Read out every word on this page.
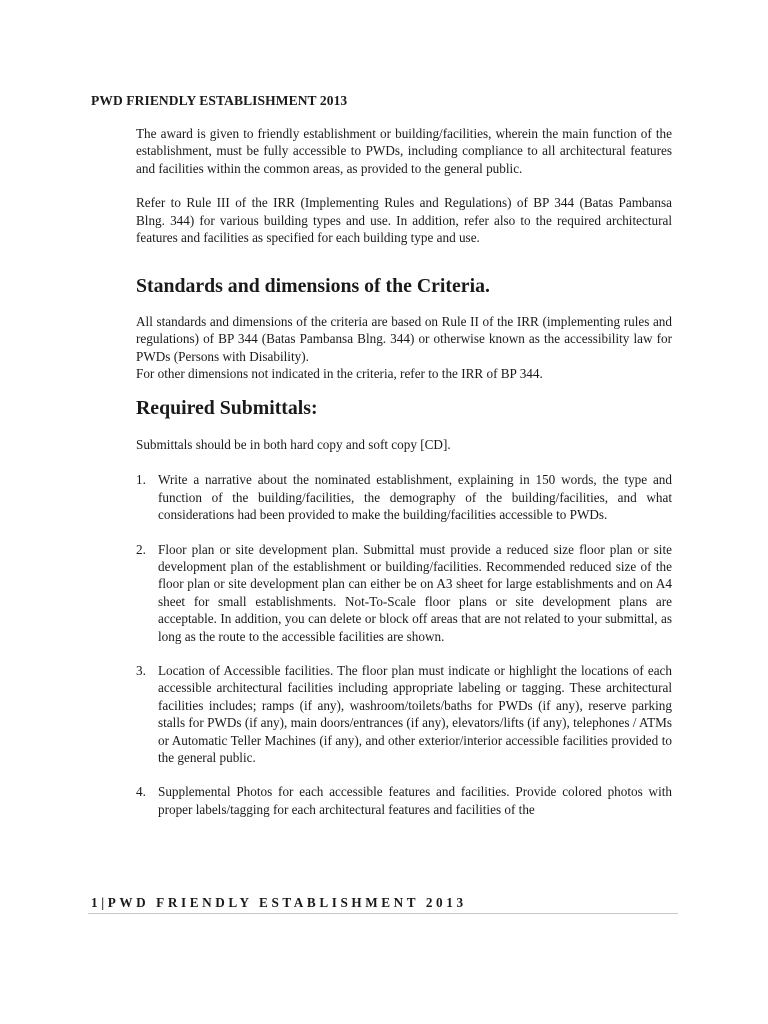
PWD FRIENDLY ESTABLISHMENT 2013

The award is given to friendly establishment or building/facilities, wherein the main function of the establishment, must be fully accessible to PWDs, including compliance to all architectural features and facilities within the common areas, as provided to the general public.

Refer to Rule III of the IRR (Implementing Rules and Regulations) of BP 344 (Batas Pambansa Blng. 344) for various building types and use. In addition, refer also to the required architectural features and facilities as specified for each building type and use.

Standards and dimensions of the Criteria.

All standards and dimensions of the criteria are based on Rule II of the IRR (implementing rules and regulations) of BP 344 (Batas Pambansa Blng. 344) or otherwise known as the accessibility law for PWDs (Persons with Disability).

For other dimensions not indicated in the criteria, refer to the IRR of BP 344.

Required Submittals:

Submittals should be in both hard copy and soft copy [CD].

1. Write a narrative about the nominated establishment, explaining in 150 words, the type and function of the building/facilities, the demography of the building/facilities, and what considerations had been provided to make the building/facilities accessible to PWDs.

2. Floor plan or site development plan. Submittal must provide a reduced size floor plan or site development plan of the establishment or building/facilities. Recommended reduced size of the floor plan or site development plan can either be on A3 sheet for large establishments and on A4 sheet for small establishments. Not-To-Scale floor plans or site development plans are acceptable. In addition, you can delete or block off areas that are not related to your submittal, as long as the route to the accessible facilities are shown.

3. Location of Accessible facilities. The floor plan must indicate or highlight the locations of each accessible architectural facilities including appropriate labeling or tagging. These architectural facilities includes; ramps (if any), washroom/toilets/baths for PWDs (if any), reserve parking stalls for PWDs (if any), main doors/entrances (if any), elevators/lifts (if any), telephones / ATMs or Automatic Teller Machines (if any), and other exterior/interior accessible facilities provided to the general public.

4. Supplemental Photos for each accessible features and facilities. Provide colored photos with proper labels/tagging for each architectural features and facilities of the

1|PWD FRIENDLY ESTABLISHMENT 2013
